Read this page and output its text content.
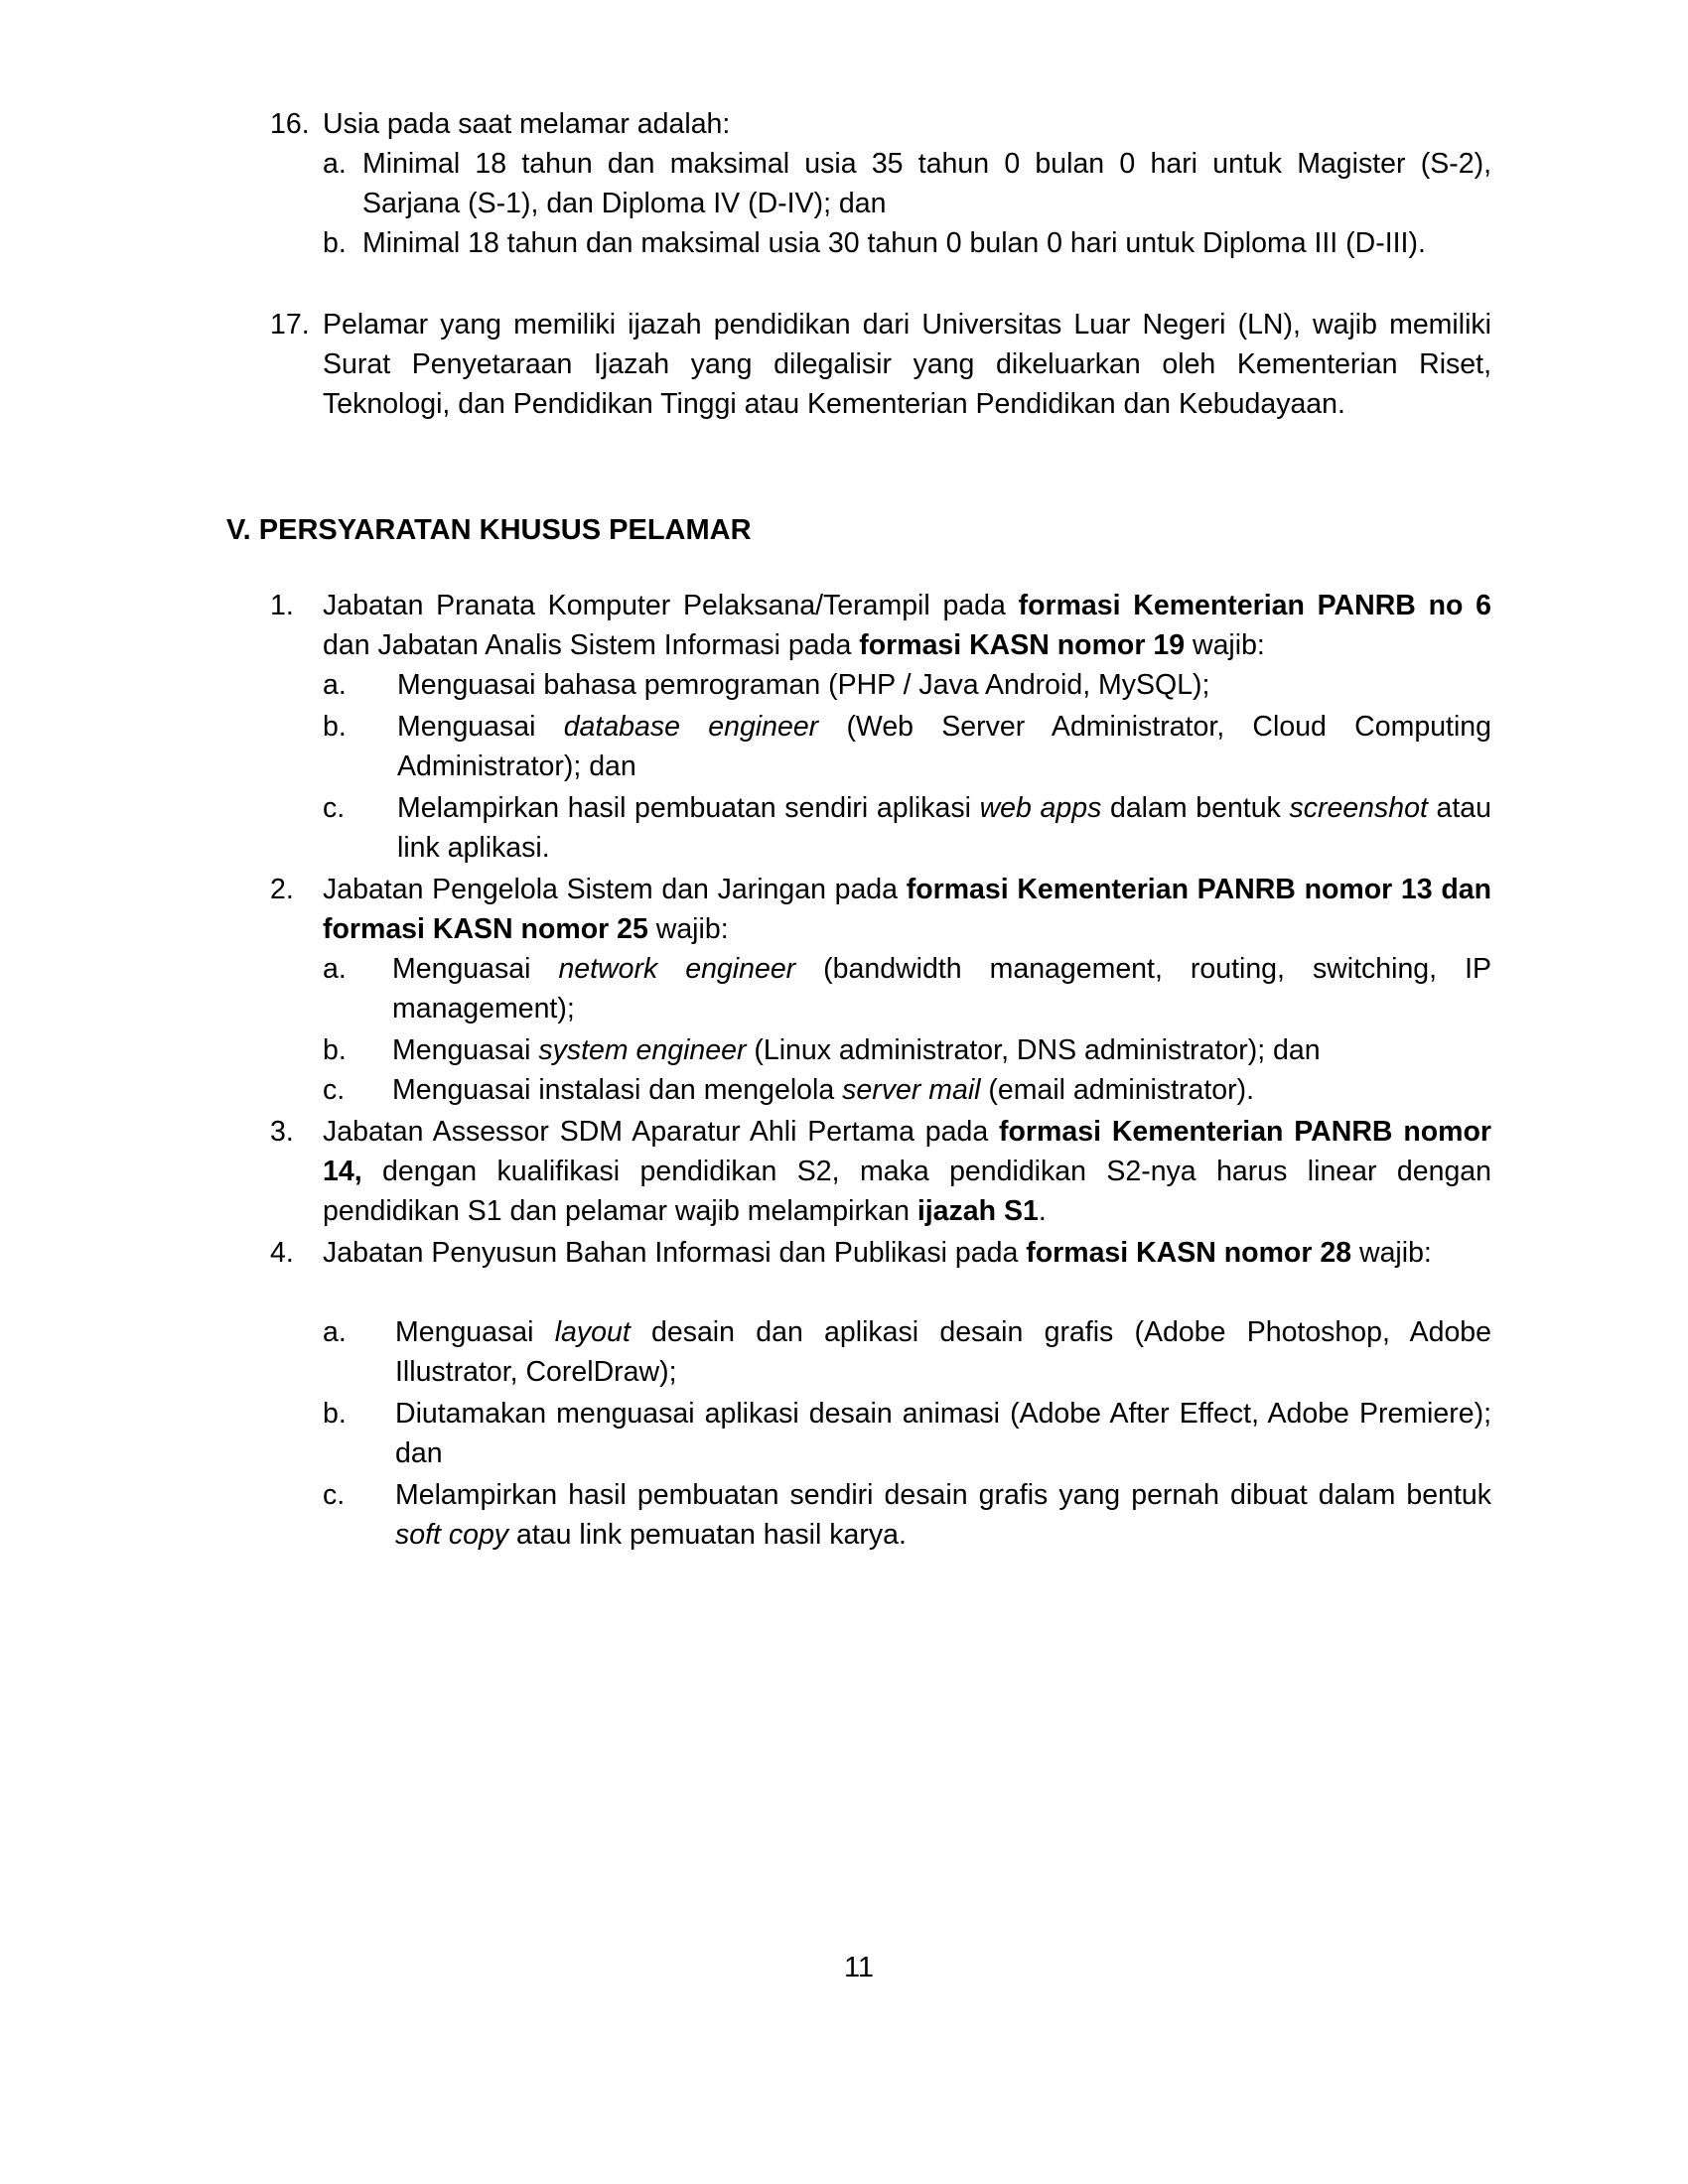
16. Usia pada saat melamar adalah:
a. Minimal 18 tahun dan maksimal usia 35 tahun 0 bulan 0 hari untuk Magister (S-2), Sarjana (S-1), dan Diploma IV (D-IV); dan
b. Minimal 18 tahun dan maksimal usia 30 tahun 0 bulan 0 hari untuk Diploma III (D-III).
17. Pelamar yang memiliki ijazah pendidikan dari Universitas Luar Negeri (LN), wajib memiliki Surat Penyetaraan Ijazah yang dilegalisir yang dikeluarkan oleh Kementerian Riset, Teknologi, dan Pendidikan Tinggi atau Kementerian Pendidikan dan Kebudayaan.
V. PERSYARATAN KHUSUS PELAMAR
1.	Jabatan Pranata Komputer Pelaksana/Terampil pada formasi Kementerian PANRB no 6 dan Jabatan Analis Sistem Informasi pada formasi KASN nomor 19 wajib:
a.	Menguasai bahasa pemrograman (PHP / Java Android, MySQL);
b.	Menguasai database engineer (Web Server Administrator, Cloud Computing Administrator); dan
c.	Melampirkan hasil pembuatan sendiri aplikasi web apps dalam bentuk screenshot atau link aplikasi.
2.	Jabatan Pengelola Sistem dan Jaringan pada formasi Kementerian PANRB nomor 13 dan formasi KASN nomor 25 wajib:
a.	Menguasai network engineer (bandwidth management, routing, switching, IP management);
b.	Menguasai system engineer (Linux administrator, DNS administrator); dan
c.	Menguasai instalasi dan mengelola server mail (email administrator).
3.	Jabatan Assessor SDM Aparatur Ahli Pertama pada formasi Kementerian PANRB nomor 14, dengan kualifikasi pendidikan S2, maka pendidikan S2-nya harus linear dengan pendidikan S1 dan pelamar wajib melampirkan ijazah S1.
4.	Jabatan Penyusun Bahan Informasi dan Publikasi pada formasi KASN nomor 28 wajib:
a.	Menguasai layout desain dan aplikasi desain grafis (Adobe Photoshop, Adobe Illustrator, CorelDraw);
b.	Diutamakan menguasai aplikasi desain animasi (Adobe After Effect, Adobe Premiere); dan
c.	Melampirkan hasil pembuatan sendiri desain grafis yang pernah dibuat dalam bentuk soft copy atau link pemuatan hasil karya.
11
